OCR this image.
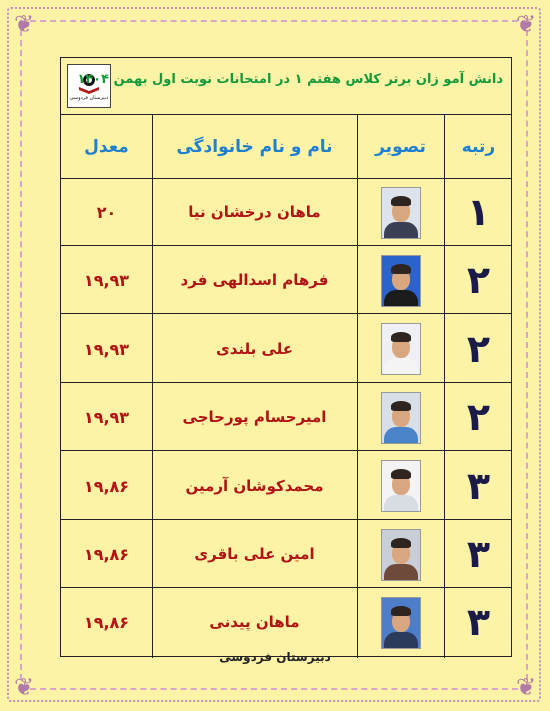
❦	❦
❦	❦
دبیرستان فردوسی
دانش آمو زان برتر کلاس هفتم ۱ در امتحانات نوبت اول بهمن ۱۴۰۴
رتبه
تصویر
نام و نام خانوادگی
معدل
۱
ماهان درخشان نیا
۲۰
۲
فرهام اسدالهی فرد
۱۹,۹۳
۲
علی بلندی
۱۹,۹۳
۲
امیرحسام پورحاجی
۱۹,۹۳
۳
محمدکوشان آرمین
۱۹,۸۶
۳
امین علی باقری
۱۹,۸۶
۳
ماهان پیدنی
۱۹,۸۶
دبیرستان فردوسی
